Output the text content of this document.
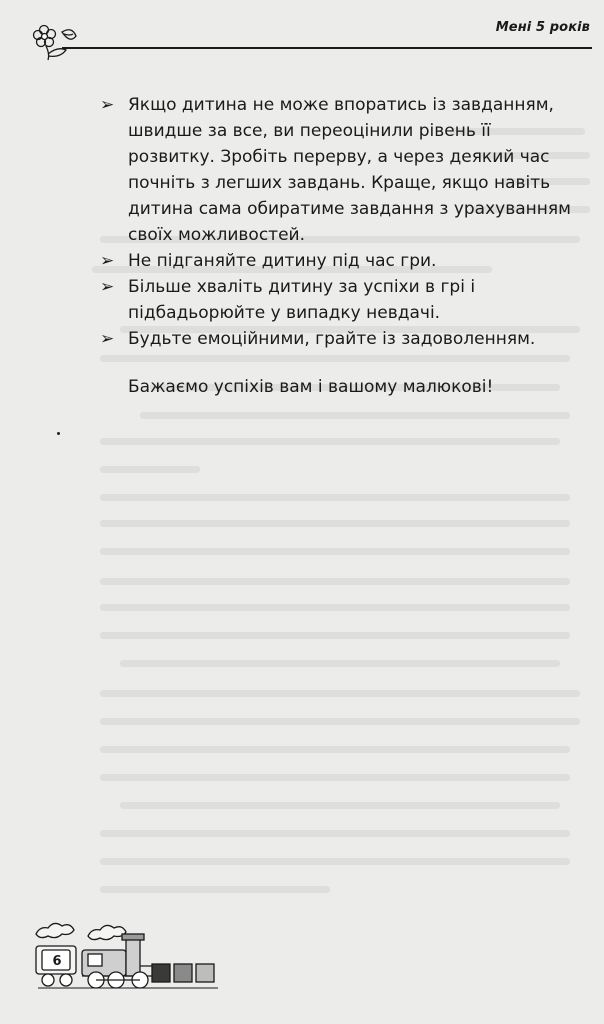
Мені 5 років
➢ Якщо дитина не може впоратись із завданням, швидше за все, ви переоцінили рівень її розвитку. Зробіть перерву, а через деякий час почніть з легших завдань. Краще, якщо навіть дитина сама обиратиме завдання з урахуванням своїх можливостей.
➢ Не підганяйте дитину під час гри.
➢ Більше хваліть дитину за успіхи в грі і підбадьорюйте у випадку невдачі.
➢ Будьте емоційними, грайте із задоволенням.
Бажаємо успіхів вам і вашому малюкові!
6
